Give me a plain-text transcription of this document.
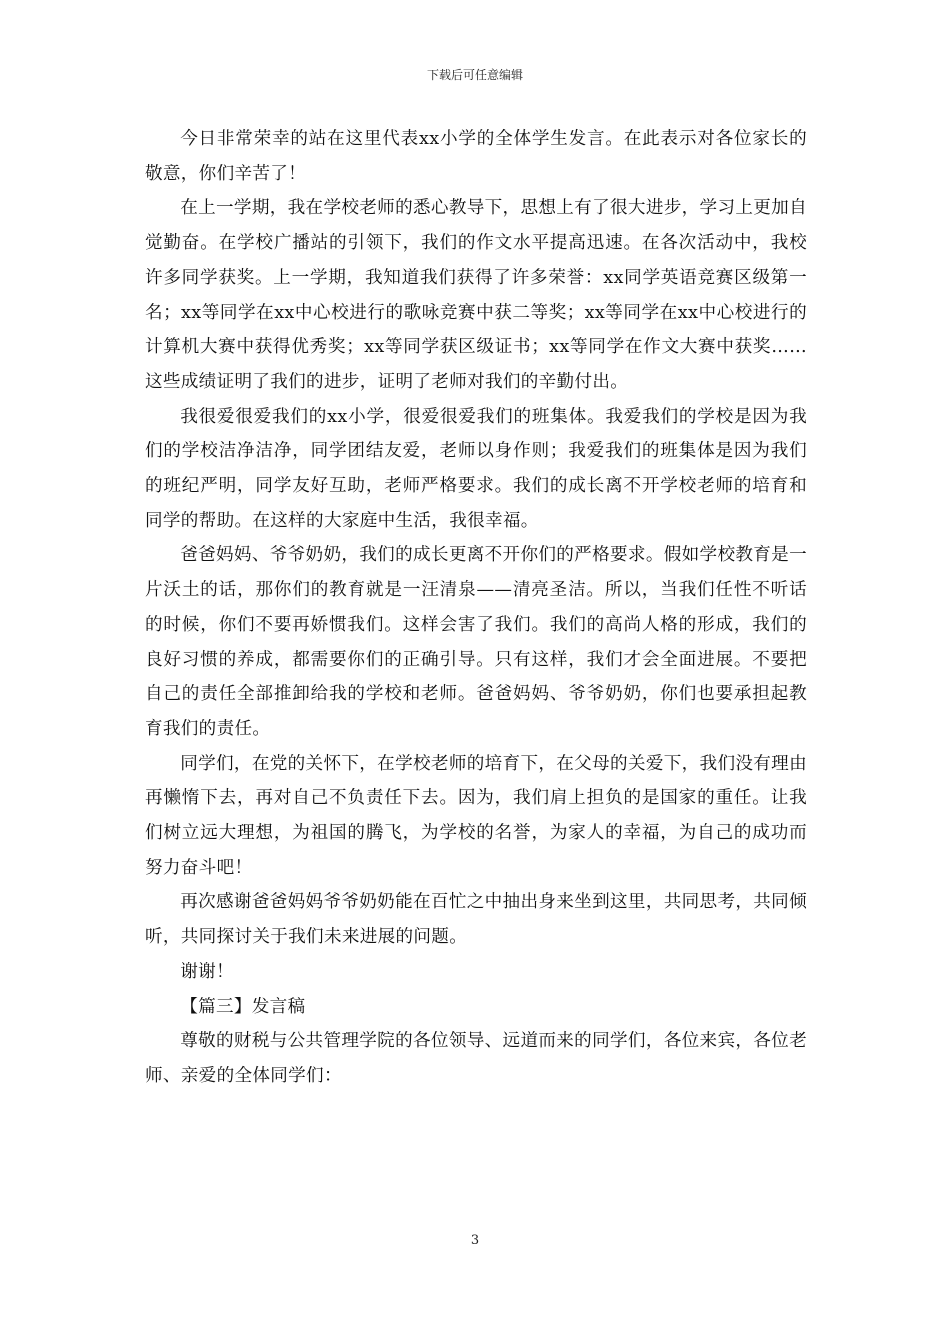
下载后可任意编辑

今日非常荣幸的站在这里代表xx小学的全体学生发言。在此表示对各位家长的敬意，你们辛苦了！

在上一学期，我在学校老师的悉心教导下，思想上有了很大进步，学习上更加自觉勤奋。在学校广播站的引领下，我们的作文水平提高迅速。在各次活动中，我校许多同学获奖。上一学期，我知道我们获得了许多荣誉：xx同学英语竞赛区级第一名；xx等同学在xx中心校进行的歌咏竞赛中获二等奖；xx等同学在xx中心校进行的计算机大赛中获得优秀奖；xx等同学获区级证书；xx等同学在作文大赛中获奖……这些成绩证明了我们的进步，证明了老师对我们的辛勤付出。

我很爱很爱我们的xx小学，很爱很爱我们的班集体。我爱我们的学校是因为我们的学校洁净洁净，同学团结友爱，老师以身作则；我爱我们的班集体是因为我们的班纪严明，同学友好互助，老师严格要求。我们的成长离不开学校老师的培育和同学的帮助。在这样的大家庭中生活，我很幸福。

爸爸妈妈、爷爷奶奶，我们的成长更离不开你们的严格要求。假如学校教育是一片沃土的话，那你们的教育就是一汪清泉——清亮圣洁。所以，当我们任性不听话的时候，你们不要再娇惯我们。这样会害了我们。我们的高尚人格的形成，我们的良好习惯的养成，都需要你们的正确引导。只有这样，我们才会全面进展。不要把自己的责任全部推卸给我的学校和老师。爸爸妈妈、爷爷奶奶，你们也要承担起教育我们的责任。

同学们，在党的关怀下，在学校老师的培育下，在父母的关爱下，我们没有理由再懒惰下去，再对自己不负责任下去。因为，我们肩上担负的是国家的重任。让我们树立远大理想，为祖国的腾飞，为学校的名誉，为家人的幸福，为自己的成功而努力奋斗吧！

再次感谢爸爸妈妈爷爷奶奶能在百忙之中抽出身来坐到这里，共同思考，共同倾听，共同探讨关于我们未来进展的问题。

谢谢！

【篇三】发言稿

尊敬的财税与公共管理学院的各位领导、远道而来的同学们，各位来宾，各位老师、亲爱的全体同学们：

3
